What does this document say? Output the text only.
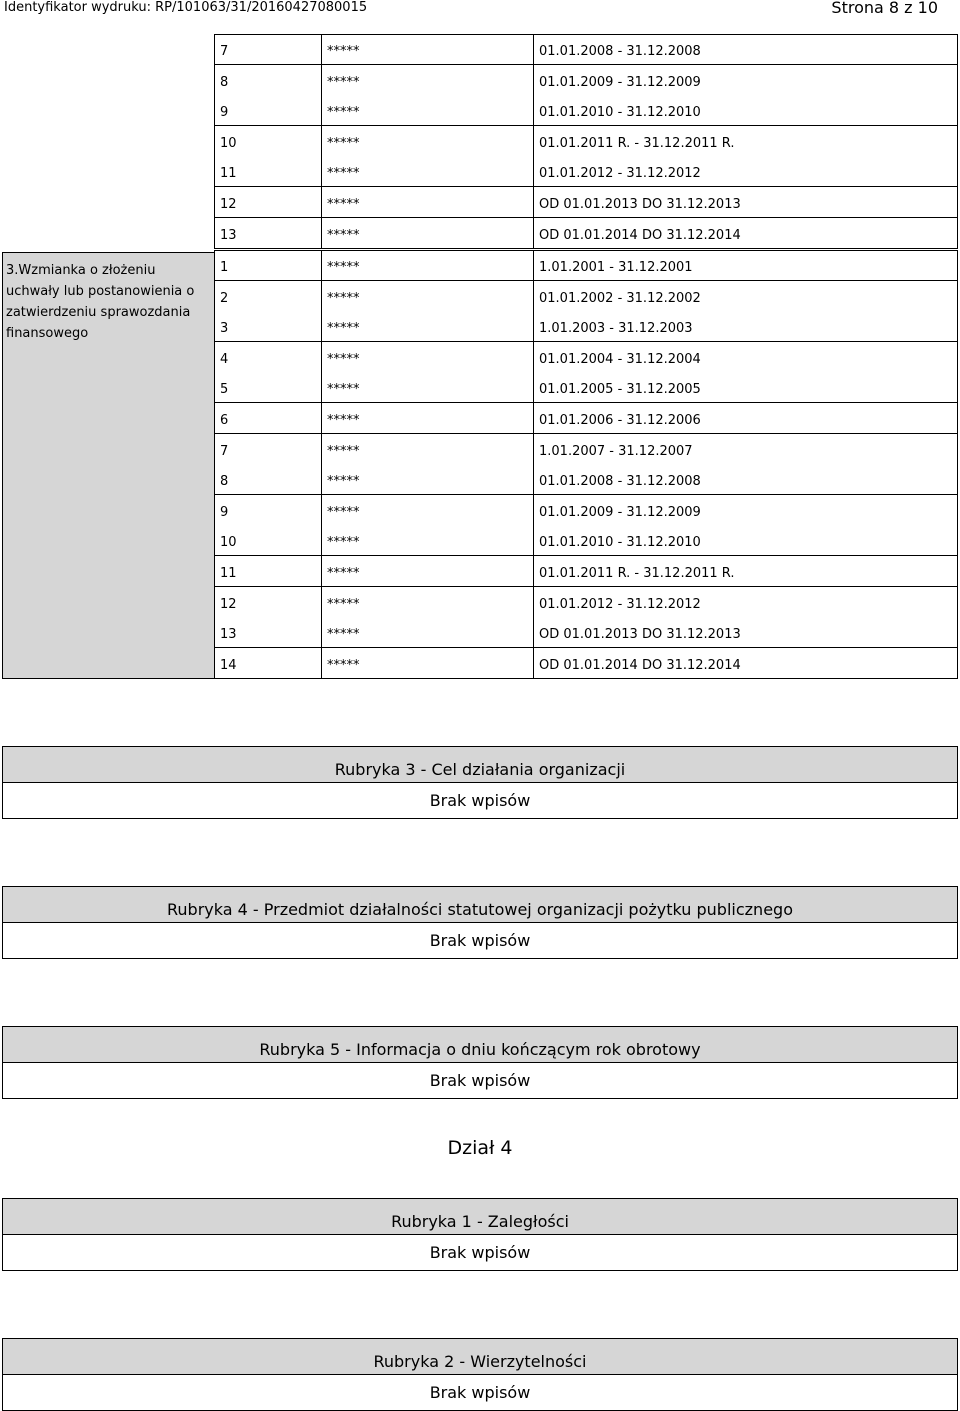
Identyfikator wydruku: RP/101063/31/20160427080015	Strona 8 z 10
7	*****	01.01.2008 - 31.12.2008
8	*****	01.01.2009 - 31.12.2009
9	*****	01.01.2010 - 31.12.2010
10	*****	01.01.2011 R. - 31.12.2011 R.
11	*****	01.01.2012 - 31.12.2012
12	*****	OD 01.01.2013 DO 31.12.2013
13	*****	OD 01.01.2014 DO 31.12.2014
3.Wzmianka o złożeniu uchwały lub postanowienia o zatwierdzeniu sprawozdania finansowego
1	*****	1.01.2001 - 31.12.2001
2	*****	01.01.2002 - 31.12.2002
3	*****	1.01.2003 - 31.12.2003
4	*****	01.01.2004 - 31.12.2004
5	*****	01.01.2005 - 31.12.2005
6	*****	01.01.2006 - 31.12.2006
7	*****	1.01.2007 - 31.12.2007
8	*****	01.01.2008 - 31.12.2008
9	*****	01.01.2009 - 31.12.2009
10	*****	01.01.2010 - 31.12.2010
11	*****	01.01.2011 R. - 31.12.2011 R.
12	*****	01.01.2012 - 31.12.2012
13	*****	OD 01.01.2013 DO 31.12.2013
14	*****	OD 01.01.2014 DO 31.12.2014
Rubryka 3 - Cel działania organizacji
Brak wpisów
Rubryka 4 - Przedmiot działalności statutowej organizacji pożytku publicznego
Brak wpisów
Rubryka 5 - Informacja o dniu kończącym rok obrotowy
Brak wpisów
Dział 4
Rubryka 1 - Zaległości
Brak wpisów
Rubryka 2 - Wierzytelności
Brak wpisów
